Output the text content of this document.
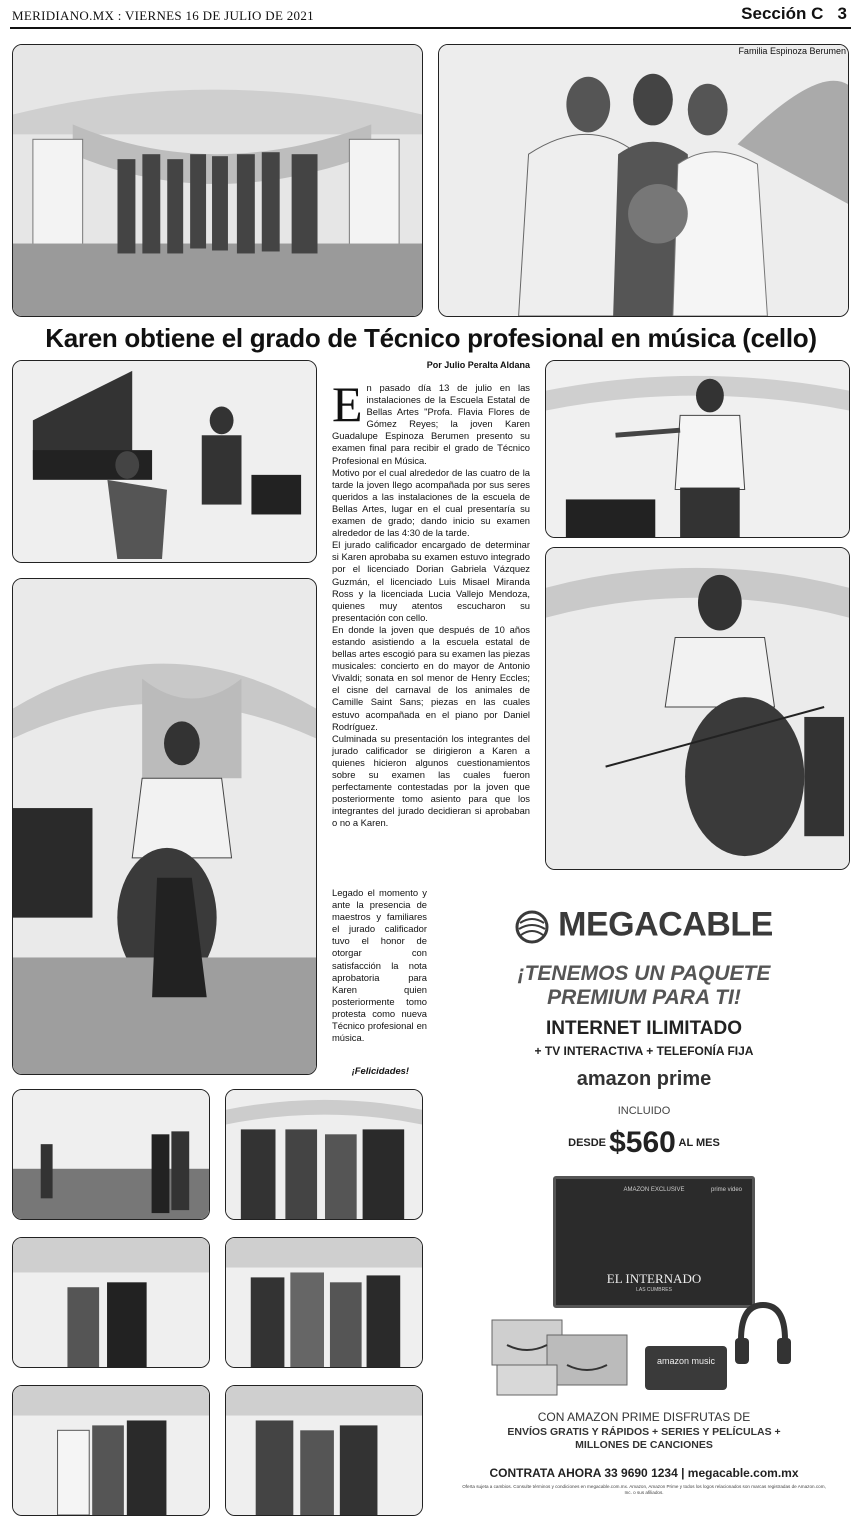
MERIDIANO.MX : VIERNES 16 DE JULIO DE 2021	Sección C   3
Familia Espinoza Berumen
Karen obtiene el grado de Técnico profesional en música (cello)
Por Julio Peralta Aldana
E n pasado día 13 de julio en las instalaciones de la Escuela Estatal de Bellas Artes "Profa. Flavia Flores de Gómez Reyes; la joven Karen Guadalupe Espinoza Berumen presento su examen final para recibir el grado de Técnico Profesional en Música.

Motivo por el cual alrededor de las cuatro de la tarde la joven llego acompañada por sus seres queridos a las instalaciones de la escuela de Bellas Artes, lugar en el cual presentaría su examen de grado; dando inicio su examen alrededor de las 4:30 de la tarde.

El jurado calificador encargado de determinar si Karen aprobaba su examen estuvo integrado por el licenciado Dorian Gabriela Vázquez Guzmán, el licenciado Luis Misael Miranda Ross y la licenciada Lucia Vallejo Mendoza, quienes muy atentos escucharon su presentación con cello.

En donde la joven que después de 10 años estando asistiendo a la escuela estatal de bellas artes escogió para su examen las piezas musicales: concierto en do mayor de Antonio Vivaldi; sonata en sol menor de Henry Eccles; el cisne del carnaval de los animales de Camille Saint Sans; piezas en las cuales estuvo acompañada en el piano por Daniel Rodríguez.

Culminada su presentación los integrantes del jurado calificador se dirigieron a Karen a quienes hicieron algunos cuestionamientos sobre su examen las cuales fueron perfectamente contestadas por la joven que posteriormente tomo asiento para que los integrantes del jurado decidieran si aprobaban o no a Karen.

Legado el momento y ante la presencia de maestros y familiares el jurado calificador tuvo el honor de otorgar con satisfacción la nota aprobatoria para Karen quien posteriormente tomo protesta como nueva Técnico profesional en música.

¡Felicidades!
MEGACABLE
¡TENEMOS UN PAQUETE PREMIUM PARA TI!
INTERNET ILIMITADO
+ TV INTERACTIVA + TELEFONÍA FIJA
amazon prime
INCLUIDO
DESDE $560 AL MES
AMAZON EXCLUSIVE	prime video
EL INTERNADO
LAS CUMBRES
amazon music
CON AMAZON PRIME DISFRUTAS DE
ENVÍOS GRATIS Y RÁPIDOS + SERIES Y PELÍCULAS + MILLONES DE CANCIONES
CONTRATA AHORA 33 9690 1234 | megacable.com.mx
Oferta sujeta a cambios. Consulte términos y condiciones en megacable.com.mx. Amazon, Amazon Prime y todos los logos relacionados son marcas registradas de Amazon.com, Inc. o sus afiliados.
